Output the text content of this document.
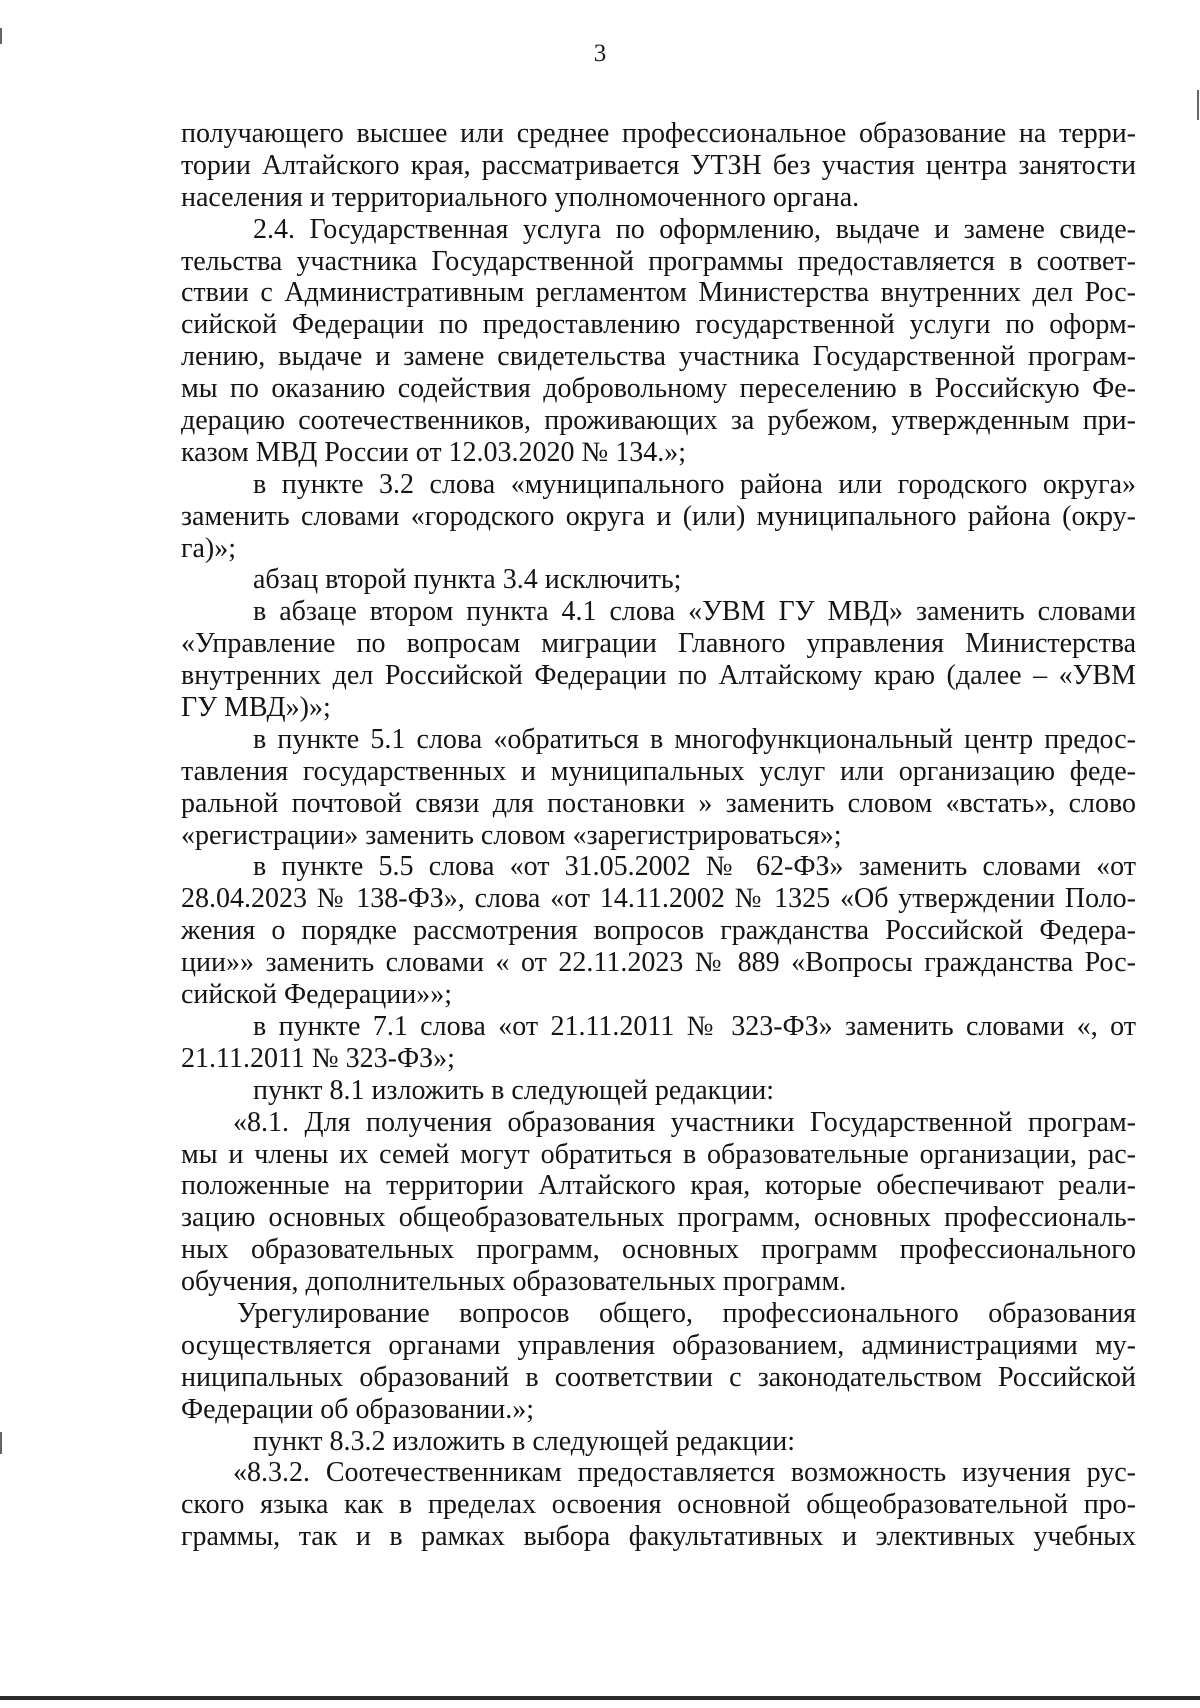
3
получающего высшее или среднее профессиональное образование на терри-
тории Алтайского края, рассматривается УТЗН без участия центра занятости
населения и территориального уполномоченного органа.
2.4. Государственная услуга по оформлению, выдаче и замене свиде-
тельства участника Государственной программы предоставляется в соответ-
ствии с Административным регламентом Министерства внутренних дел Рос-
сийской Федерации по предоставлению государственной услуги по оформ-
лению, выдаче и замене свидетельства участника Государственной програм-
мы по оказанию содействия добровольному переселению в Российскую Фе-
дерацию соотечественников, проживающих за рубежом, утвержденным при-
казом МВД России от 12.03.2020 № 134.»;
в пункте 3.2 слова «муниципального района или городского округа»
заменить словами «городского округа и (или) муниципального района (окру-
га)»;
абзац второй пункта 3.4 исключить;
в абзаце втором пункта 4.1 слова «УВМ ГУ МВД» заменить словами
«Управление по вопросам миграции Главного управления Министерства
внутренних дел Российской Федерации по Алтайскому краю (далее – «УВМ
ГУ МВД»)»;
в пункте 5.1 слова «обратиться в многофункциональный центр предос-
тавления государственных и муниципальных услуг или организацию феде-
ральной почтовой связи для постановки » заменить словом «встать», слово
«регистрации» заменить словом «зарегистрироваться»;
в пункте 5.5 слова «от 31.05.2002 № 62-ФЗ» заменить словами «от
28.04.2023 № 138-ФЗ», слова «от 14.11.2002 № 1325 «Об утверждении Поло-
жения о порядке рассмотрения вопросов гражданства Российской Федера-
ции»» заменить словами « от 22.11.2023 № 889 «Вопросы гражданства Рос-
сийской Федерации»»;
в пункте 7.1 слова «от 21.11.2011 № 323-ФЗ» заменить словами «, от
21.11.2011 № 323-ФЗ»;
пункт 8.1 изложить в следующей редакции:
«8.1. Для получения образования участники Государственной програм-
мы и члены их семей могут обратиться в образовательные организации, рас-
положенные на территории Алтайского края, которые обеспечивают реали-
зацию основных общеобразовательных программ, основных профессиональ-
ных образовательных программ, основных программ профессионального
обучения, дополнительных образовательных программ.
Урегулирование вопросов общего, профессионального образования
осуществляется органами управления образованием, администрациями му-
ниципальных образований в соответствии с законодательством Российской
Федерации об образовании.»;
пункт 8.3.2 изложить в следующей редакции:
«8.3.2. Соотечественникам предоставляется возможность изучения рус-
ского языка как в пределах освоения основной общеобразовательной про-
граммы, так и в рамках выбора факультативных и элективных учебных
